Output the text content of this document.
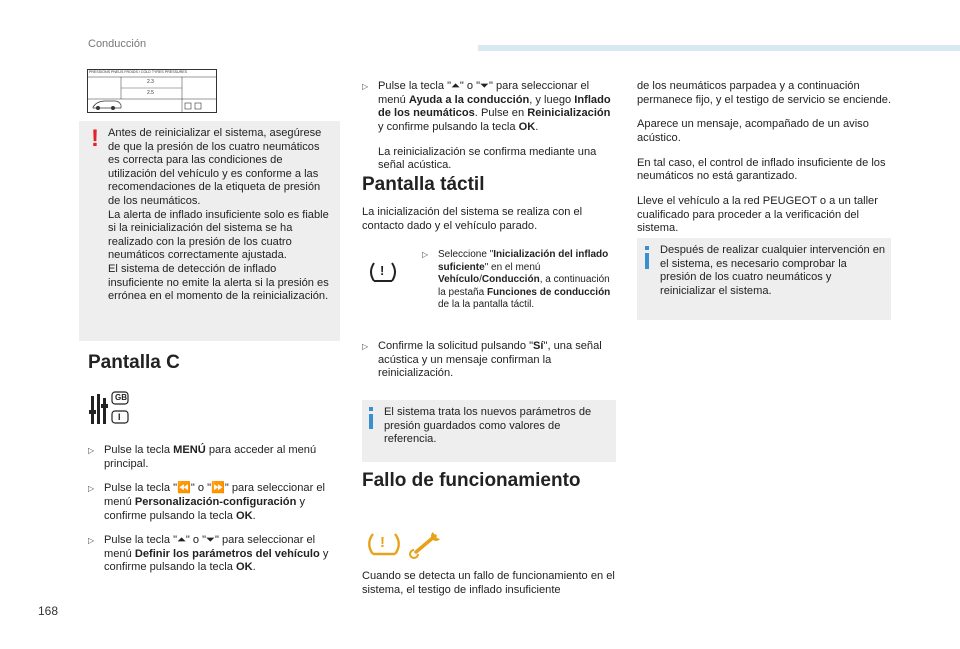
Conducción
PRESSIONS PNEUS FROIDS / COLD TYRES PRESSURES
2.3
2.5
! Antes de reinicializar el sistema, asegúrese de que la presión de los cuatro neumáticos es correcta para las condiciones de utilización del vehículo y es conforme a las recomendaciones de la etiqueta de presión de los neumáticos.

La alerta de inflado insuficiente solo es fiable si la reinicialización del sistema se ha realizado con la presión de los cuatro neumáticos correctamente ajustada.

El sistema de detección de inflado insuficiente no emite la alerta si la presión es errónea en el momento de la reinicialización.

Pantalla C
GB
I

▷ Pulse la tecla MENÚ para acceder al menú principal.

▷ Pulse la tecla "⏪" o "⏩" para seleccionar el menú Personalización-configuración y confirme pulsando la tecla OK.

▷ Pulse la tecla "⏶" o "⏷" para seleccionar el menú Definir los parámetros del vehículo y confirme pulsando la tecla OK.

▷ Pulse la tecla "⏶" o "⏷" para seleccionar el menú Ayuda a la conducción, y luego Inflado de los neumáticos. Pulse en Reinicialización y confirme pulsando la tecla OK.

La reinicialización se confirma mediante una señal acústica.

Pantalla táctil

La inicialización del sistema se realiza con el contacto dado y el vehículo parado.

!

▷ Seleccione "Inicialización del inflado suficiente" en el menú Vehículo/Conducción, a continuación la pestaña Funciones de conducción de la la pantalla táctil.

▷ Confirme la solicitud pulsando "Sí", una señal acústica y un mensaje confirman la reinicialización.

El sistema trata los nuevos parámetros de presión guardados como valores de referencia.

Fallo de funcionamiento
!

Cuando se detecta un fallo de funcionamiento en el sistema, el testigo de inflado insuficiente

de los neumáticos parpadea y a continuación permanece fijo, y el testigo de servicio se enciende.

Aparece un mensaje, acompañado de un aviso acústico.

En tal caso, el control de inflado insuficiente de los neumáticos no está garantizado.

Lleve el vehículo a la red PEUGEOT o a un taller cualificado para proceder a la verificación del sistema.

Después de realizar cualquier intervención en el sistema, es necesario comprobar la presión de los cuatro neumáticos y reinicializar el sistema.

168
